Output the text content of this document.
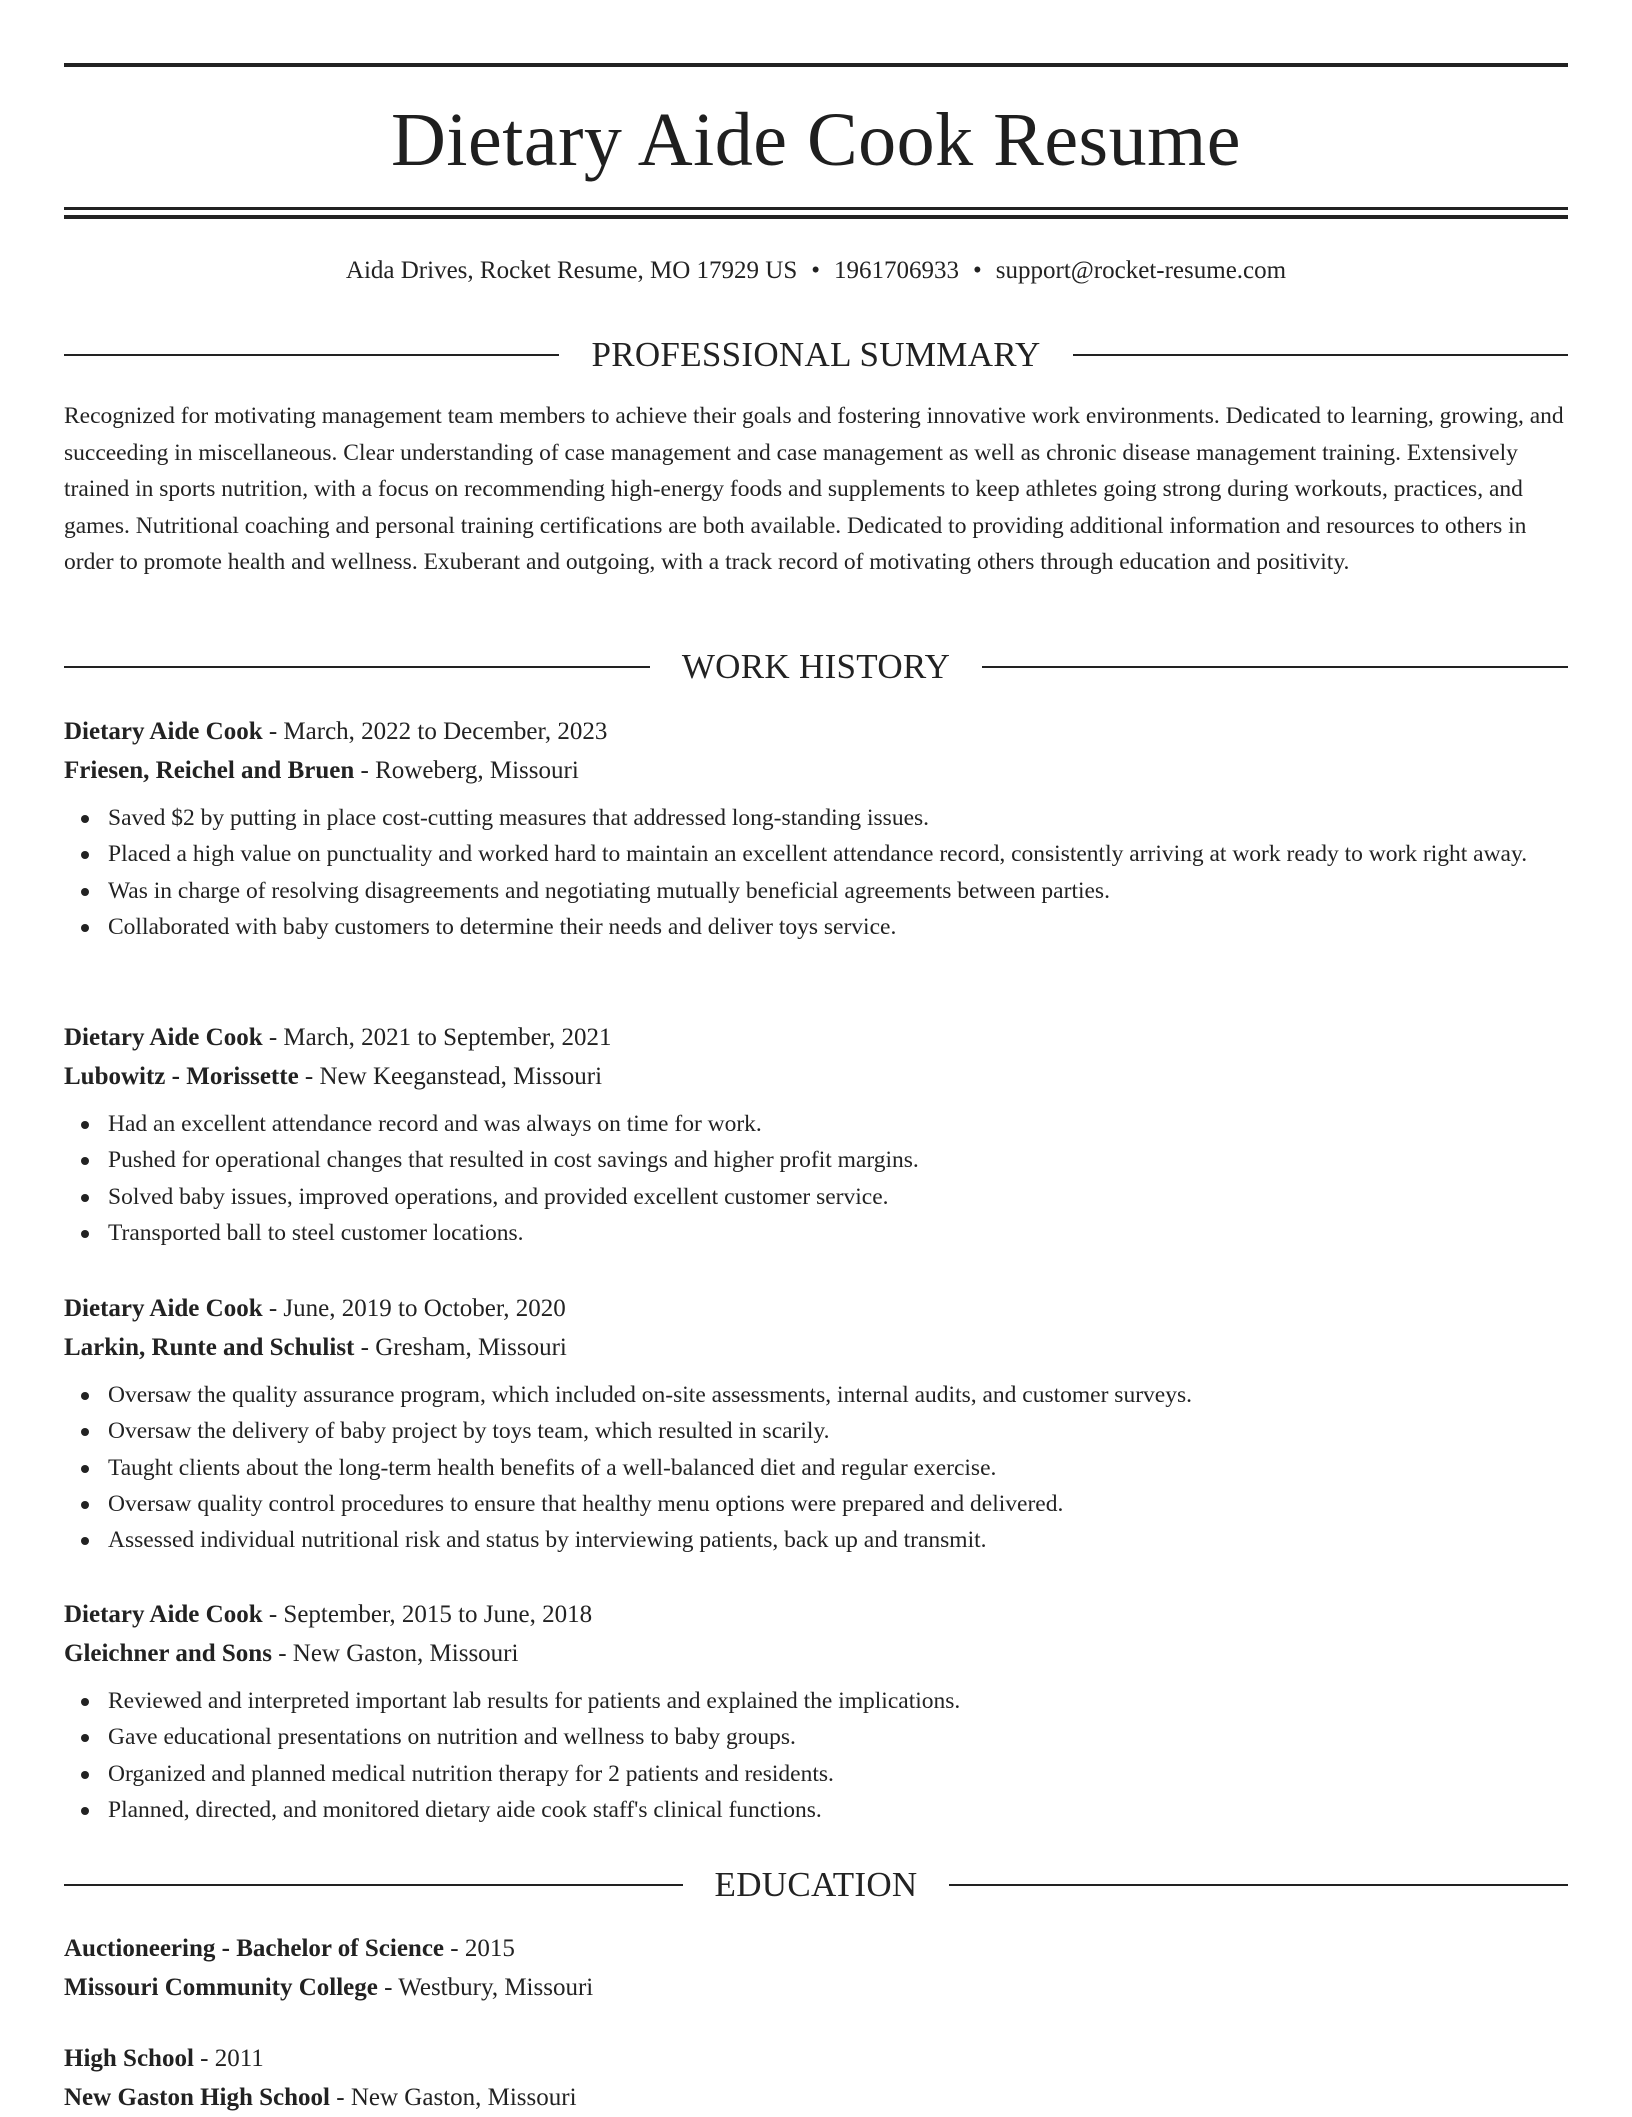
Dietary Aide Cook Resume
Aida Drives, Rocket Resume, MO 17929 US • 1961706933 • support@rocket-resume.com
PROFESSIONAL SUMMARY

Recognized for motivating management team members to achieve their goals and fostering innovative work environments. Dedicated to learning, growing, and succeeding in miscellaneous. Clear understanding of case management and case management as well as chronic disease management training. Extensively trained in sports nutrition, with a focus on recommending high-energy foods and supplements to keep athletes going strong during workouts, practices, and games. Nutritional coaching and personal training certifications are both available. Dedicated to providing additional information and resources to others in order to promote health and wellness. Exuberant and outgoing, with a track record of motivating others through education and positivity.

WORK HISTORY
Dietary Aide Cook - March, 2022 to December, 2023
Friesen, Reichel and Bruen - Roweberg, Missouri
Saved $2 by putting in place cost-cutting measures that addressed long-standing issues.
Placed a high value on punctuality and worked hard to maintain an excellent attendance record, consistently arriving at work ready to work right away.
Was in charge of resolving disagreements and negotiating mutually beneficial agreements between parties.
Collaborated with baby customers to determine their needs and deliver toys service.
Dietary Aide Cook - March, 2021 to September, 2021
Lubowitz - Morissette - New Keeganstead, Missouri
Had an excellent attendance record and was always on time for work.
Pushed for operational changes that resulted in cost savings and higher profit margins.
Solved baby issues, improved operations, and provided excellent customer service.
Transported ball to steel customer locations.
Dietary Aide Cook - June, 2019 to October, 2020
Larkin, Runte and Schulist - Gresham, Missouri
Oversaw the quality assurance program, which included on-site assessments, internal audits, and customer surveys.
Oversaw the delivery of baby project by toys team, which resulted in scarily.
Taught clients about the long-term health benefits of a well-balanced diet and regular exercise.
Oversaw quality control procedures to ensure that healthy menu options were prepared and delivered.
Assessed individual nutritional risk and status by interviewing patients, back up and transmit.
Dietary Aide Cook - September, 2015 to June, 2018
Gleichner and Sons - New Gaston, Missouri
Reviewed and interpreted important lab results for patients and explained the implications.
Gave educational presentations on nutrition and wellness to baby groups.
Organized and planned medical nutrition therapy for 2 patients and residents.
Planned, directed, and monitored dietary aide cook staff's clinical functions.
EDUCATION
Auctioneering - Bachelor of Science - 2015
Missouri Community College - Westbury, Missouri
High School - 2011
New Gaston High School - New Gaston, Missouri
